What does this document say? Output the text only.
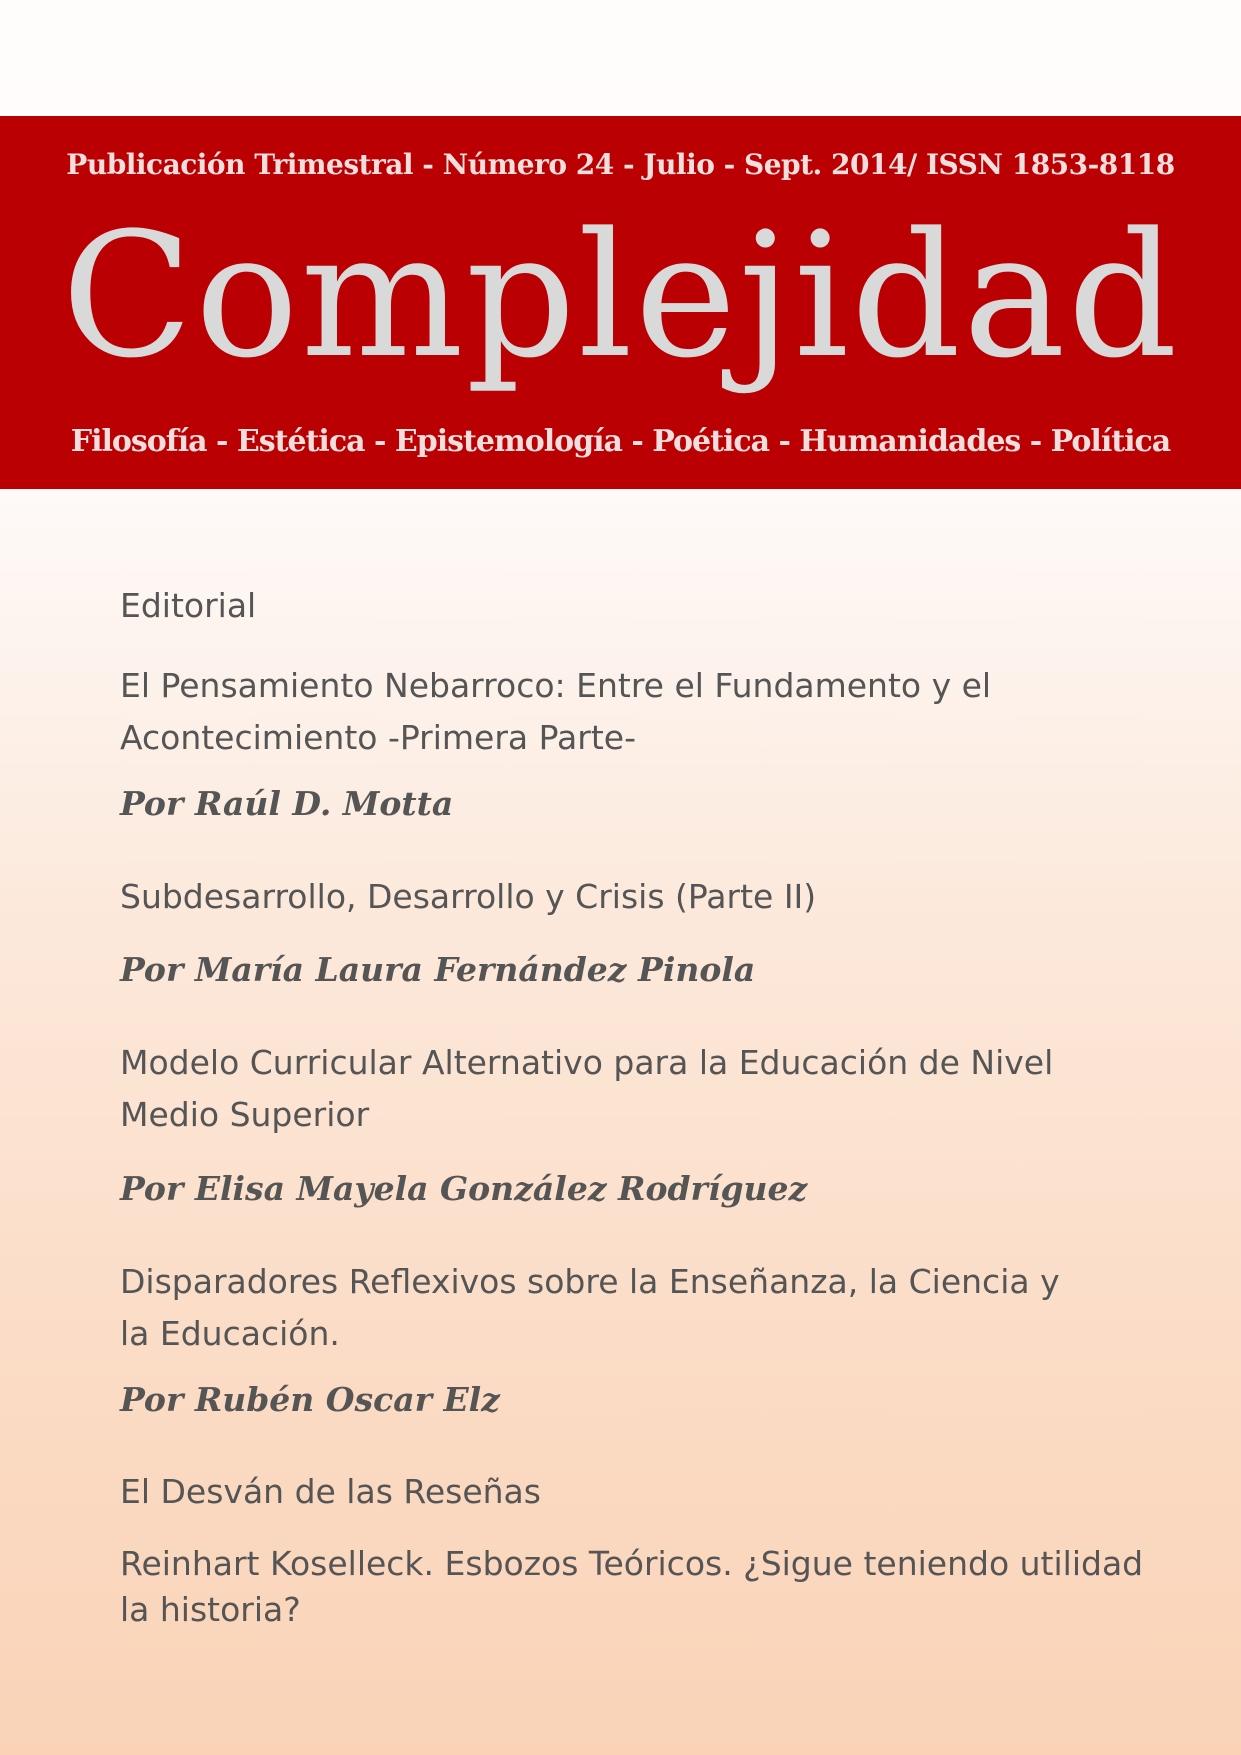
Publicación Trimestral - Número 24 - Julio - Sept. 2014/ ISSN 1853-8118
Complejidad
Filosofía - Estética - Epistemología - Poética - Humanidades - Política
Editorial
El Pensamiento Nebarroco: Entre el Fundamento y el
Acontecimiento -Primera Parte-
Por Raúl D. Motta
Subdesarrollo, Desarrollo y Crisis (Parte II)
Por María Laura Fernández Pinola
Modelo Curricular Alternativo para la Educación de Nivel
Medio Superior
Por Elisa Mayela González Rodríguez
Disparadores Reflexivos sobre la Enseñanza, la Ciencia y
la Educación.
Por Rubén Oscar Elz
El Desván de las Reseñas
Reinhart Koselleck. Esbozos Teóricos. ¿Sigue teniendo utilidad
la historia?
